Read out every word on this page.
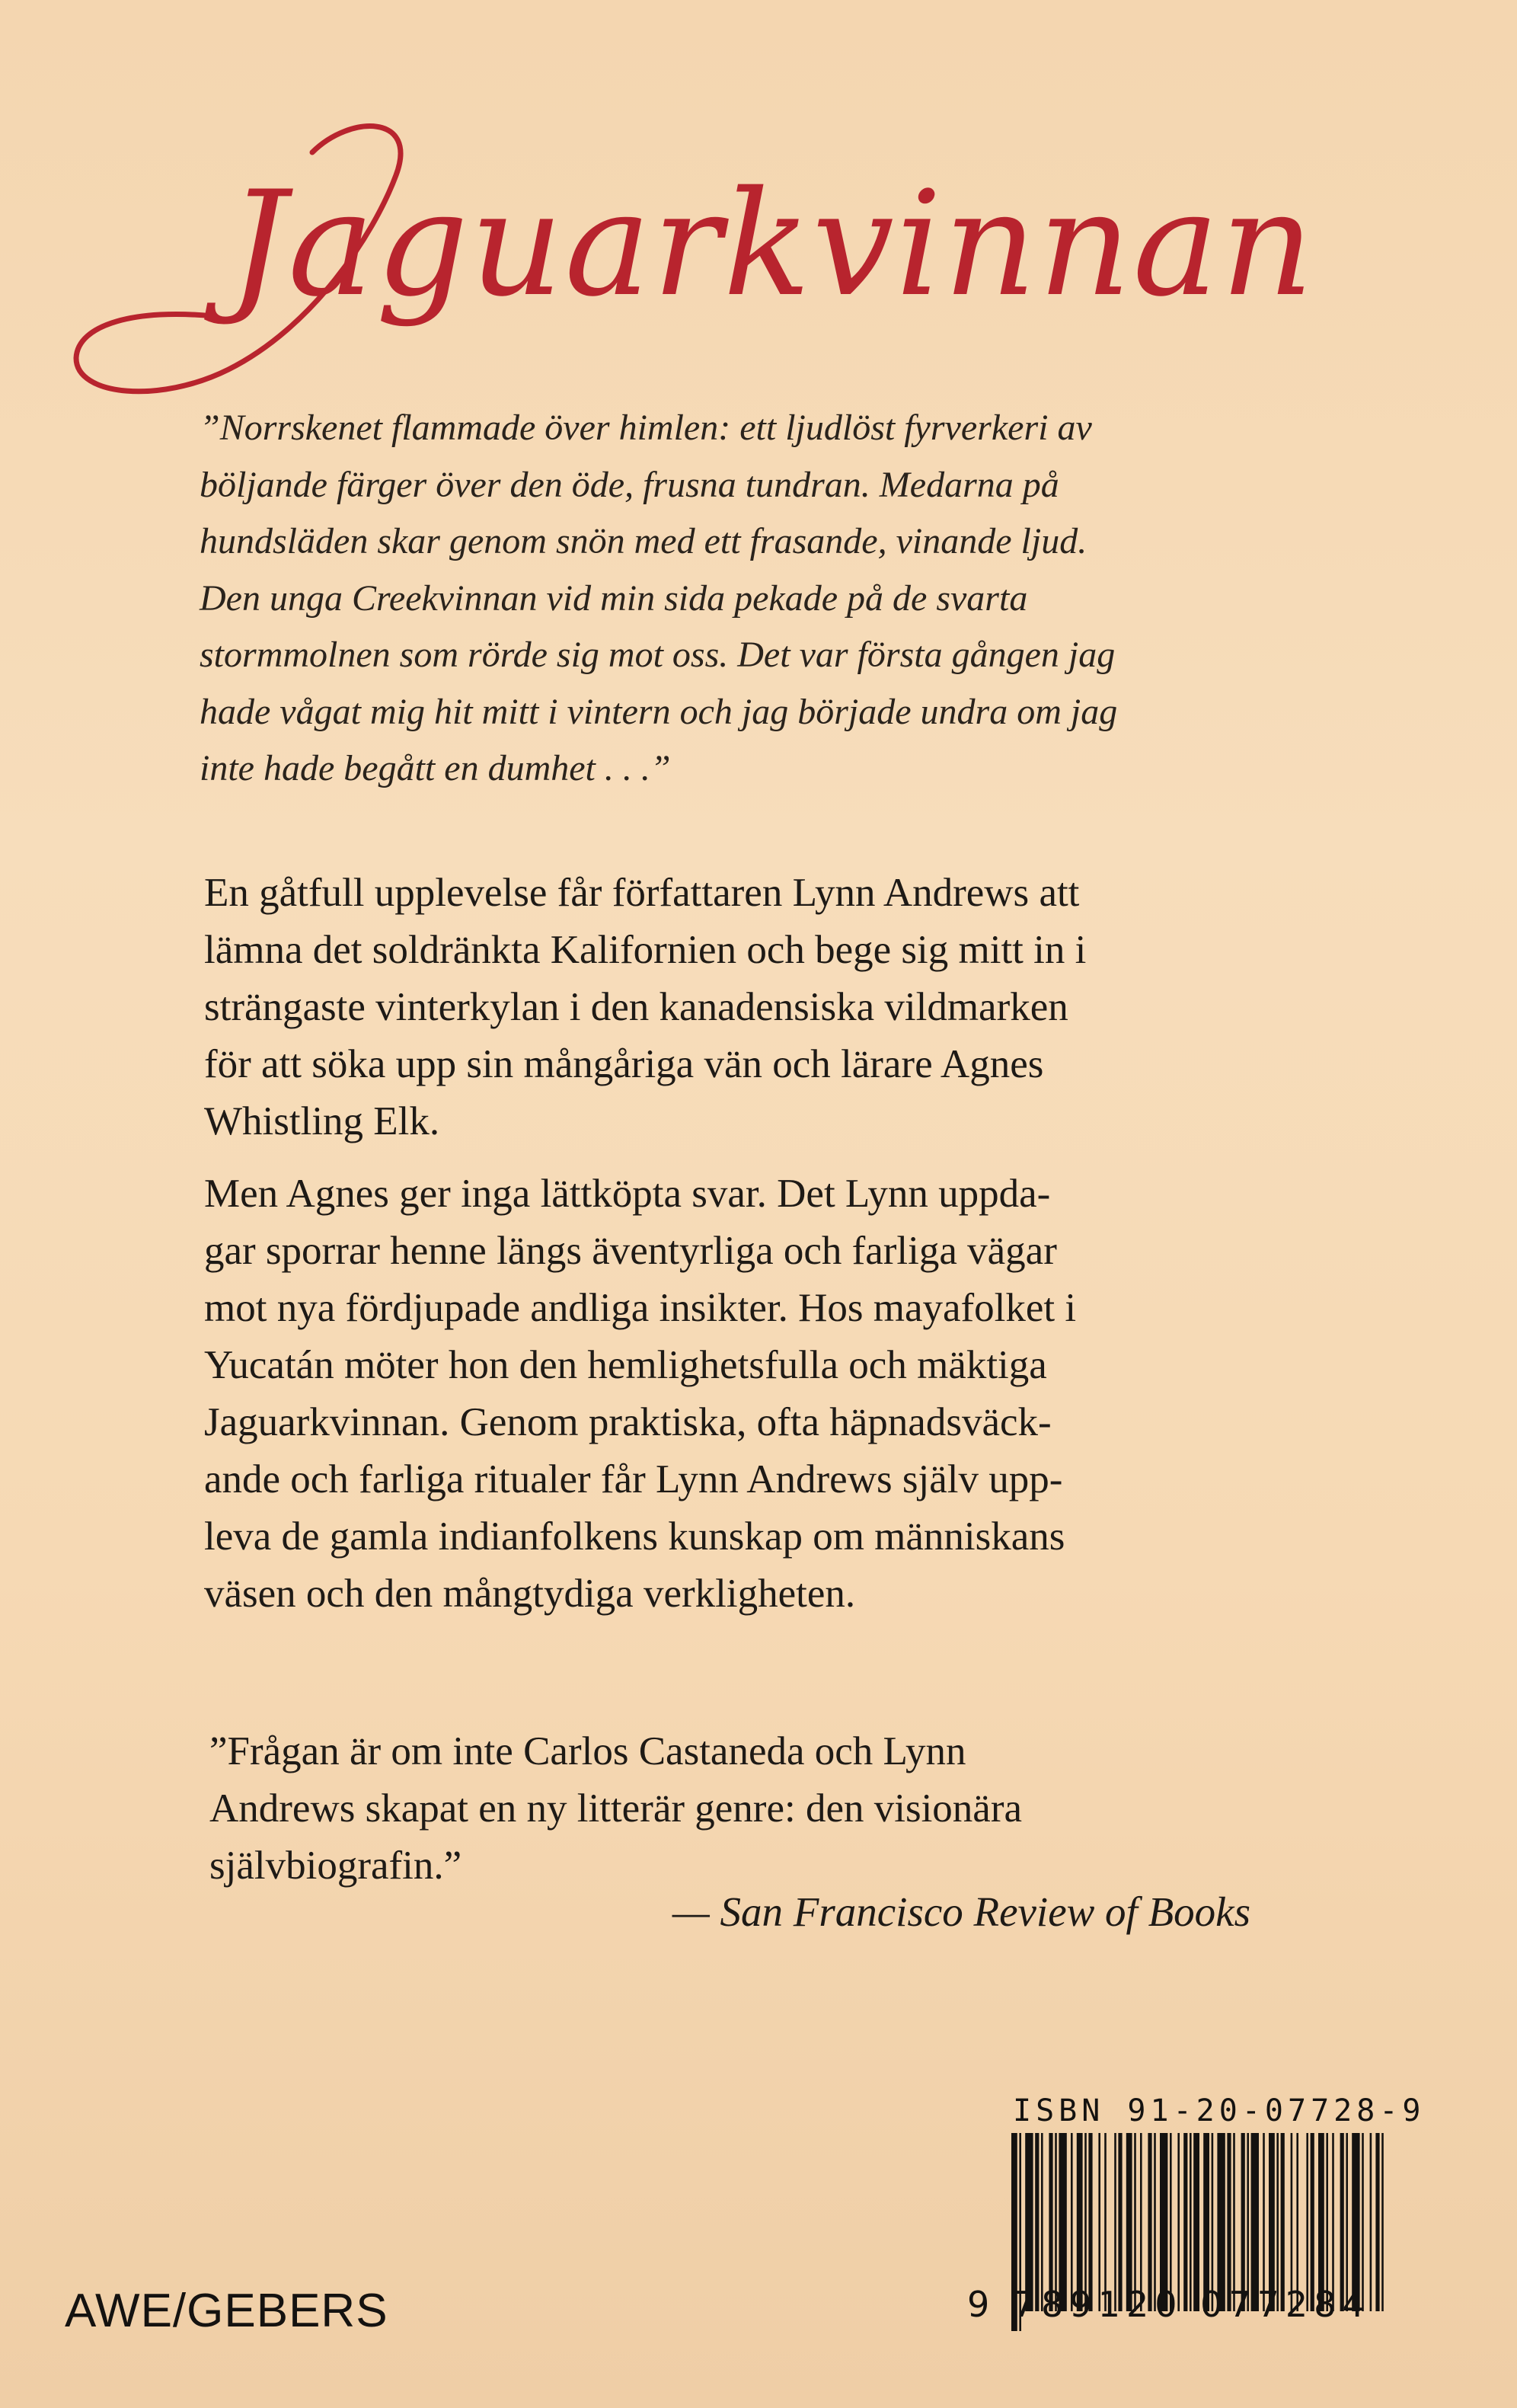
Jaguarkvinnan
”Norrskenet flammade över himlen: ett ljudlöst fyrverkeri av
böljande färger över den öde, frusna tundran. Medarna på
hundsläden skar genom snön med ett frasande, vinande ljud.
Den unga Creekvinnan vid min sida pekade på de svarta
stormmolnen som rörde sig mot oss. Det var första gången jag
hade vågat mig hit mitt i vintern och jag började undra om jag
inte hade begått en dumhet . . .”
En gåtfull upplevelse får författaren Lynn Andrews att
lämna det soldränkta Kalifornien och bege sig mitt in i
strängaste vinterkylan i den kanadensiska vildmarken
för att söka upp sin mångåriga vän och lärare Agnes
Whistling Elk.
Men Agnes ger inga lättköpta svar. Det Lynn uppda-
gar sporrar henne längs äventyrliga och farliga vägar
mot nya fördjupade andliga insikter. Hos mayafolket i
Yucatán möter hon den hemlighetsfulla och mäktiga
Jaguarkvinnan. Genom praktiska, ofta häpnadsväck-
ande och farliga ritualer får Lynn Andrews själv upp-
leva de gamla indianfolkens kunskap om människans
väsen och den mångtydiga verkligheten.
”Frågan är om inte Carlos Castaneda och Lynn
Andrews skapat en ny litterär genre: den visionära
självbiografin.”
— San Francisco Review of Books
AWE/GEBERS
ISBN 91-20-07728-9
9 789120 077284
